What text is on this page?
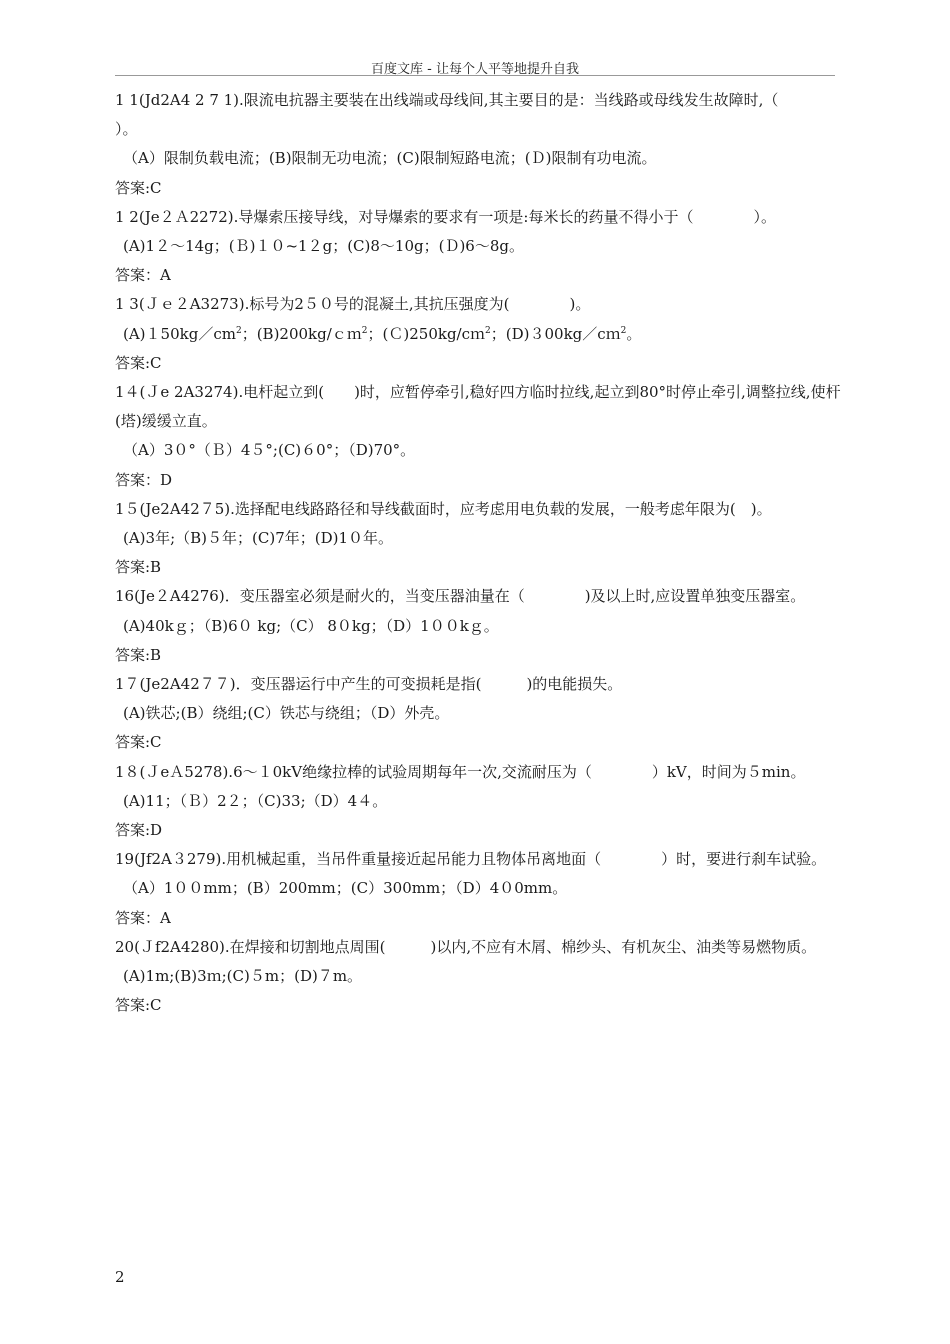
百度文库 - 让每个人平等地提升自我
1 1(Jd2A4 2 7 1).限流电抗器主要装在出线端或母线间,其主要目的是：当线路或母线发生故障时,（　　　）。
（A）限制负载电流；(B)限制无功电流；(C)限制短路电流；(Ｄ)限制有功电流。
答案:C
1 2(Je２Ａ2272).导爆索压接导线，对导爆索的要求有一项是:每米长的药量不得小于（　　　　）。
(A)1２～14g；(Ｂ)１０~1２g；(C)8～10g；(Ｄ)6～8g。
答案：A
1 3(Ｊｅ２A3273).标号为2５０号的混凝土,其抗压强度为(　　　　)。
$(A)150kg/cm^2$；(B)200kg/ｃｍ$^2$；(Ｃ)250kg/cｍ$^2$；(D)３00kg／cｍ$^2$。
答案:C
1４(Ｊe 2A3274).电杆起立到(　　)时，应暂停牵引,稳好四方临时拉线,起立到80°时停止牵引,调整拉线,使杆(塔)缓缓立直。
（A）3０°（Ｂ）4５°;(C)６0°；（D)70°。
答案：D
1５(Je2A42７5).选择配电线路路径和导线截面时，应考虑用电负载的发展，一般考虑年限为(　)。
(A)3年;（B)５年；(C)7年；(D)1０年。
答案:B
16(Je２A4276)．变压器室必须是耐火的，当变压器油量在（　　　　)及以上时,应设置单独变压器室。
(A)40kｇ；（B)6０ kg;（C） 8０kg；（D）1００kｇ。
答案:B
1７(Je2A42７７)．变压器运行中产生的可变损耗是指(　　　)的电能损失。
(A)铁芯;(B）绕组;(C）铁芯与绕组；（D）外壳。
答案:C
1８(ＪeＡ5278).6～１0kV绝缘拉棒的试验周期每年一次,交流耐压为（　　　　）kV，时间为５min。
(A)11；（Ｂ）2２；（C)33;（D）4４。
答案:D
19(Jf2A３279).用机械起重，当吊件重量接近起吊能力且物体吊离地面（　　　　）时，要进行刹车试验。
（A）1００mm；(B）200mm；(C）300mm；（D）4０0mm。
答案：A
20(Ｊf2A4280).在焊接和切割地点周围(　　　)以内,不应有木屑、棉纱头、有机灰尘、油类等易燃物质。
(A)1m;(B)3ｍ;(C)５m；(D)７m。
答案:C
2
